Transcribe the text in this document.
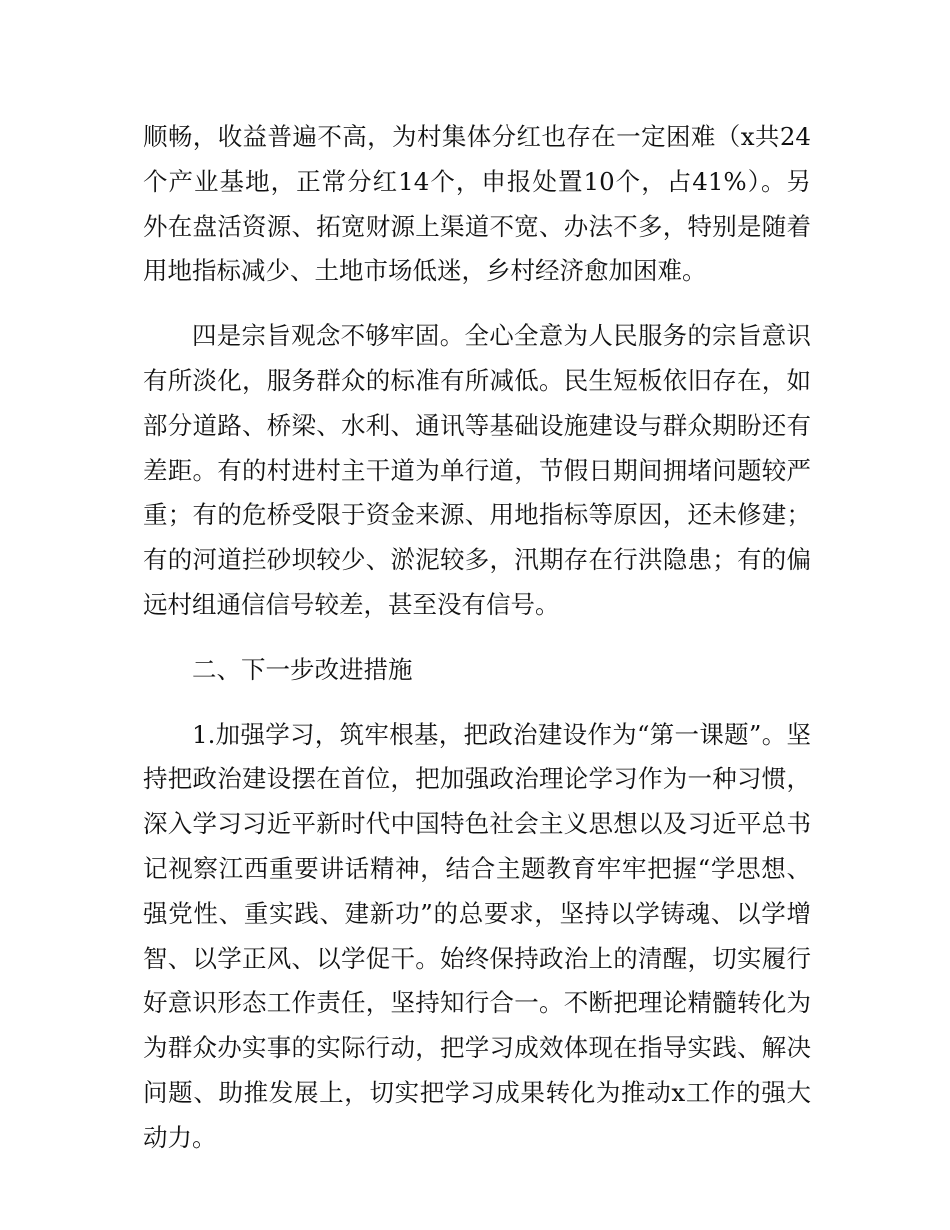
顺畅，收益普遍不高，为村集体分红也存在一定困难（x共24个产业基地，正常分红14个，申报处置10个，占41%）。另外在盘活资源、拓宽财源上渠道不宽、办法不多，特别是随着用地指标减少、土地市场低迷，乡村经济愈加困难。

四是宗旨观念不够牢固。全心全意为人民服务的宗旨意识有所淡化，服务群众的标准有所减低。民生短板依旧存在，如部分道路、桥梁、水利、通讯等基础设施建设与群众期盼还有差距。有的村进村主干道为单行道，节假日期间拥堵问题较严重；有的危桥受限于资金来源、用地指标等原因，还未修建；有的河道拦砂坝较少、淤泥较多，汛期存在行洪隐患；有的偏远村组通信信号较差，甚至没有信号。

二、下一步改进措施

1.加强学习，筑牢根基，把政治建设作为“第一课题”。坚持把政治建设摆在首位，把加强政治理论学习作为一种习惯，深入学习习近平新时代中国特色社会主义思想以及习近平总书记视察江西重要讲话精神，结合主题教育牢牢把握“学思想、强党性、重实践、建新功”的总要求，坚持以学铸魂、以学增智、以学正风、以学促干。始终保持政治上的清醒，切实履行好意识形态工作责任，坚持知行合一。不断把理论精髓转化为为群众办实事的实际行动，把学习成效体现在指导实践、解决问题、助推发展上，切实把学习成果转化为推动x工作的强大动力。
